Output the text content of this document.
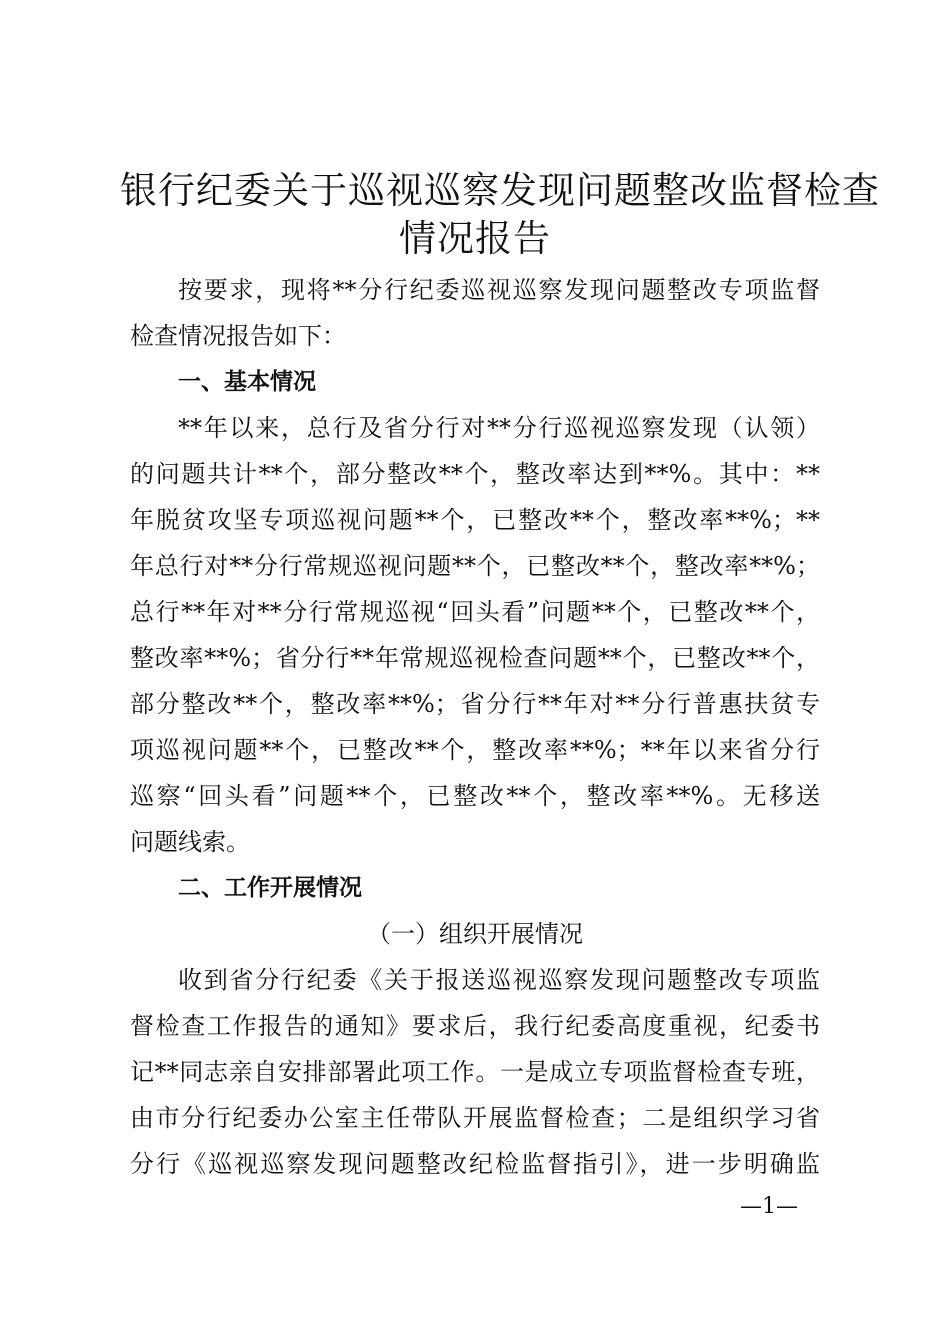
银行纪委关于巡视巡察发现问题整改监督检查
情况报告
按要求，现将**分行纪委巡视巡察发现问题整改专项监督
检查情况报告如下：
一、基本情况
**年以来，总行及省分行对**分行巡视巡察发现（认领）
的问题共计**个，部分整改**个，整改率达到**%。其中：**
年脱贫攻坚专项巡视问题**个，已整改**个，整改率**%；**
年总行对**分行常规巡视问题**个，已整改**个，整改率**%；
总行**年对**分行常规巡视“回头看”问题**个，已整改**个，
整改率**%；省分行**年常规巡视检查问题**个，已整改**个，
部分整改**个，整改率**%；省分行**年对**分行普惠扶贫专
项巡视问题**个，已整改**个，整改率**%；**年以来省分行
巡察“回头看”问题**个，已整改**个，整改率**%。无移送
问题线索。
二、工作开展情况
（一）组织开展情况
收到省分行纪委《关于报送巡视巡察发现问题整改专项监
督检查工作报告的通知》要求后，我行纪委高度重视，纪委书
记**同志亲自安排部署此项工作。一是成立专项监督检查专班，
由市分行纪委办公室主任带队开展监督检查；二是组织学习省
分行《巡视巡察发现问题整改纪检监督指引》，进一步明确监
—1—
